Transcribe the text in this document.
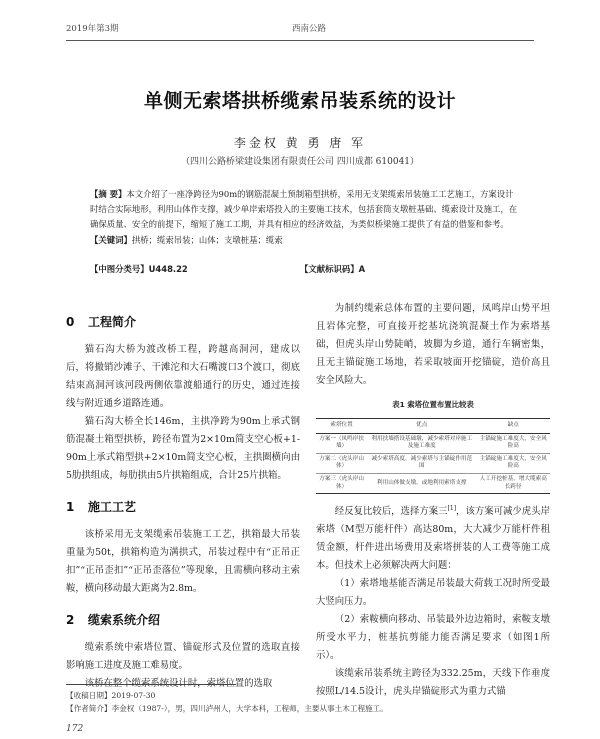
2019年第3期	西南公路
单侧无索塔拱桥缆索吊装系统的设计
李金权 黄 勇 唐 军
（四川公路桥梁建设集团有限责任公司 四川成都 610041）

【摘 要】本文介绍了一座净跨径为90m的钢筋混凝土预制箱型拱桥，采用无支架缆索吊装施工工艺施工，方案设计时结合实际地形，利用山体作支撑，减少单岸索塔投入的主要施工技术，包括套筒支墩桩基础、缆索设计及施工，在确保质量、安全的前提下，缩短了施工工期，并具有相应的经济效益，为类似桥梁施工提供了有益的借鉴和参考。

【关键词】拱桥；缆索吊装；山体；支墩桩基；缆索

【中图分类号】U448.22	【文献标识码】A
0 工程简介

猫石沟大桥为渡改桥工程，跨越高洞河，建成以后，将撤销沙滩子、干滩沱和大石嘴渡口3个渡口，彻底结束高洞河该河段两侧依靠渡船通行的历史，通过连接线与附近通乡道路连通。

猫石沟大桥全长146m，主拱净跨为90m上承式钢筋混凝土箱型拱桥，跨径布置为2×10m简支空心板+1-90m上承式箱型拱+2×10m简支空心板，主拱圈横向由5肋拱组成，每肋拱由5片拱箱组成，合计25片拱箱。

1 施工工艺

该桥采用无支架缆索吊装施工工艺，拱箱最大吊装重量为50t，拱箱构造为满拱式，吊装过程中有“正吊正扣”“正吊歪扣”“正吊歪落位”等现象，且需横向移动主索鞍，横向移动最大距离为2.8m。

2 缆索系统介绍

缆索系统中索塔位置、锚碇形式及位置的选取直接影响施工进度及施工难易度。

该桥在整个缆索系统设计时，索塔位置的选取

为制约缆索总体布置的主要问题，凤鸣岸山势平坦且岩体完整，可直接开挖基坑浇筑混凝土作为索塔基础，但虎头岸山势陡峭，坡脚为乡道，通行车辆密集，且无主锚碇施工场地，若采取坡面开挖锚碇，造价高且安全风险大。

表1 索塔位置布置比较表
索塔位置	优点	缺点
方案一（凤鸣岸扶墙）	利用扶墙搭设基础墩，减少索塔对岸施工及施工难度	主锚碇施工难度大，安全风险高
方案二（虎头岸山体）	减少索塔高度，减少索塔与主锚碇作用范围	主锚碇施工难度大，安全风险高
方案三（虎头岸山体）	利用山体做支墩，或地利用索塔支撑	人工开挖桩基，增大缆索高长跨径

经反复比较后，选择方案三[1]，该方案可减少虎头岸索塔（M型万能杆件）高达80m，大大减少万能杆件租赁金额，杆件进出场费用及索塔拼装的人工费等施工成本。但技术上必须解决两大问题：

（1）索塔地基能否满足吊装最大荷载工况时所受最大竖向压力。

（2）索鞍横向移动、吊装最外边边箱时，索鞍支墩所受水平力，桩基抗剪能力能否满足要求（如图1所示）。

该缆索吊装系统主跨径为332.25m，天线下作垂度按照L/14.5设计，虎头岸锚碇形式为重力式锚

【收稿日期】2019-07-30
【作者简介】李金权（1987-），男，四川泸州人，大学本科，工程师，主要从事土木工程施工。
172
